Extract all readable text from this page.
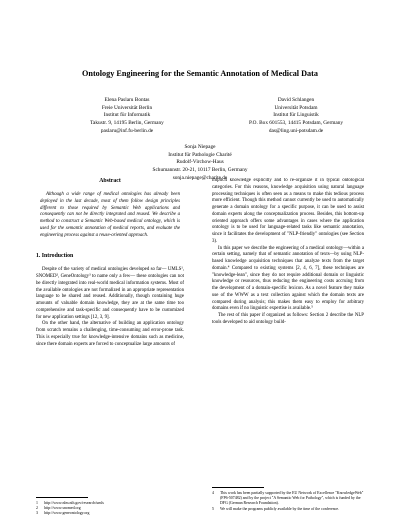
Ontology Engineering for the Semantic Annotation of Medical Data
Elena Paslaru Bontas
Freie Universität Berlin
Institut für Informatik
Takustr. 9, 14195 Berlin, Germany
paslaru@inf.fu-berlin.de
David Schlangen
Universität Potsdam
Institut für Linguistik
P.O. Box 601553, 14415 Potsdam, Germany
das@ling.uni-potsdam.de
Sonja Niepage
Institut für Pathologie Charité
Rudolf-Virchow-Haus
Schumannstr. 20-21, 10117 Berlin, Germany
sonja.niepage@charite.de
Abstract

Although a wide range of medical ontologies has already been deployed in the last decade, most of them follow design principles different to those required by Semantic Web applications and consequently can not be directly integrated and reused. We describe a method to construct a Semantic Web-based medical ontology, which is used for the semantic annotation of medical reports, and evaluate the engineering process against a reuse-oriented approach.

1. Introduction

Despite of the variety of medical ontologies developed so far— UMLS¹, SNOMED², GeneOntology³ to name only a few— these ontologies can not be directly integrated into real-world medical information systems. Most of the available ontologies are not formalized in an appropriate representation language to be shared and reused. Additionally, though containing huge amounts of valuable domain knowledge, they are at the same time too comprehensive and task-specific and consequently have to be customized for new application settings [12, 3, 9].

On the other hand, the alternative of building an application ontology from scratch remains a challenging, time-consuming and error-prone task. This is especially true for knowledge-intensive domains such as medicine, since there domain experts are forced to conceptualize large amounts of

1	http://www.nlm.nih.gov/research/umls
2	http://www.snomed.org
3	http://www.geneontology.org

implicit knowledge explicitly and to re-organize it in typical ontological categories. For this reasons, knowledge acquisition using natural language processing techniques is often seen as a means to make this tedious process more efficient. Though this method cannot currently be used to automatically generate a domain ontology for a specific purpose, it can be used to assist domain experts along the conceptualization process. Besides, this bottom-up oriented approach offers some advantages in cases where the application ontology is to be used for language-related tasks like semantic annotation, since it facilitates the development of "NLP-friendly" ontologies (see Section 3).

In this paper we describe the engineering of a medical ontology—within a certain setting, namely that of semantic annotation of texts—by using NLP-based knowledge acquisition techniques that analyze texts from the target domain.⁴ Compared to existing systems [2, 4, 6, 7], these techniques are "knowledge-lean", since they do not require additional domain or linguistic knowledge or resources, thus reducing the engineering costs accruing from the development of a domain-specific lexicon. As a novel feature they make use of the WWW as a text collection against which the domain texts are compared during analysis; this makes them easy to employ for arbitrary domains even if no linguistic expertise is available.⁵

The rest of this paper if organized as follows: Section 2 describe the NLP tools developed to aid ontology build-

4	This work has been partially supported by the EU Network of Excellence "KnowledgeWeb" (FP6-507482) and by the project "A Semantic Web for Pathology", which is funded by the DFG (German Research Foundation).
5	We will make the programs publicly available by the time of the conference.
